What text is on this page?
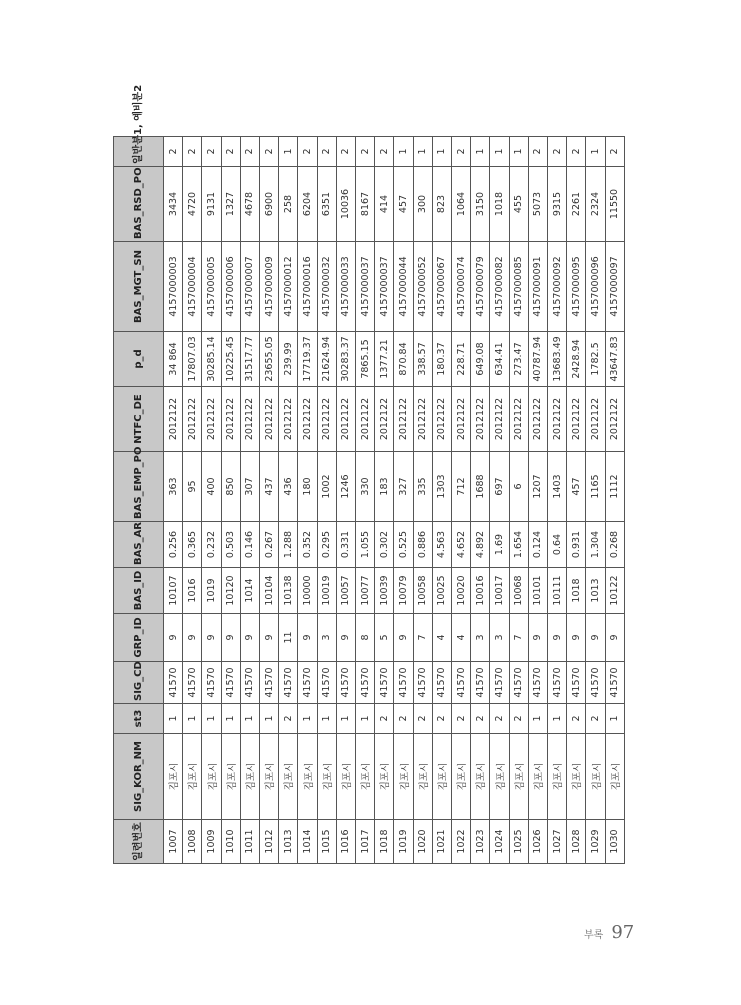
일련번호	SIG_KOR_NM	st3	SIG_CD	GRP_ID	BAS_ID	BAS_AR	BAS_EMP_PO	NTFC_DE	p_d	BAS_MGT_SN	BAS_RSD_PO	일반분1, 예비분2
1007	김포시	1	41570	9	10107	0.256	363	2012122	34 864	4157000003	3434	2
1008	김포시	1	41570	9	1016	0.365	95	2012122	17807.03	4157000004	4720	2
1009	김포시	1	41570	9	1019	0.232	400	2012122	30285.14	4157000005	9131	2
1010	김포시	1	41570	9	10120	0.503	850	2012122	10225.45	4157000006	1327	2
1011	김포시	1	41570	9	1014	0.146	307	2012122	31517.77	4157000007	4678	2
1012	김포시	1	41570	9	10104	0.267	437	2012122	23655.05	4157000009	6900	2
1013	김포시	2	41570	11	10138	1.288	436	2012122	239.99	4157000012	258	1
1014	김포시	1	41570	9	10000	0.352	180	2012122	17719.37	4157000016	6204	2
1015	김포시	1	41570	3	10019	0.295	1002	2012122	21624.94	4157000032	6351	2
1016	김포시	1	41570	9	10057	0.331	1246	2012122	30283.37	4157000033	10036	2
1017	김포시	1	41570	8	10077	1.055	330	2012122	7865.15	4157000037	8167	2
1018	김포시	2	41570	5	10039	0.302	183	2012122	1377.21	4157000037	414	2
1019	김포시	2	41570	9	10079	0.525	327	2012122	870.84	4157000044	457	1
1020	김포시	2	41570	7	10058	0.886	335	2012122	338.57	4157000052	300	1
1021	김포시	2	41570	4	10025	4.563	1303	2012122	180.37	4157000067	823	1
1022	김포시	2	41570	4	10020	4.652	712	2012122	228.71	4157000074	1064	2
1023	김포시	2	41570	3	10016	4.892	1688	2012122	649.08	4157000079	3150	1
1024	김포시	2	41570	3	10017	1.69	697	2012122	634.41	4157000082	1018	1
1025	김포시	2	41570	7	10068	1.654	6	2012122	273.47	4157000085	455	1
1026	김포시	1	41570	9	10101	0.124	1207	2012122	40787.94	4157000091	5073	2
1027	김포시	1	41570	9	10111	0.64	1403	2012122	13683.49	4157000092	9315	2
1028	김포시	2	41570	9	1018	0.931	457	2012122	2428.94	4157000095	2261	2
1029	김포시	2	41570	9	1013	1.304	1165	2012122	1782.5	4157000096	2324	1
1030	김포시	1	41570	9	10122	0.268	1112	2012122	43647.83	4157000097	11550	2
부록 97
